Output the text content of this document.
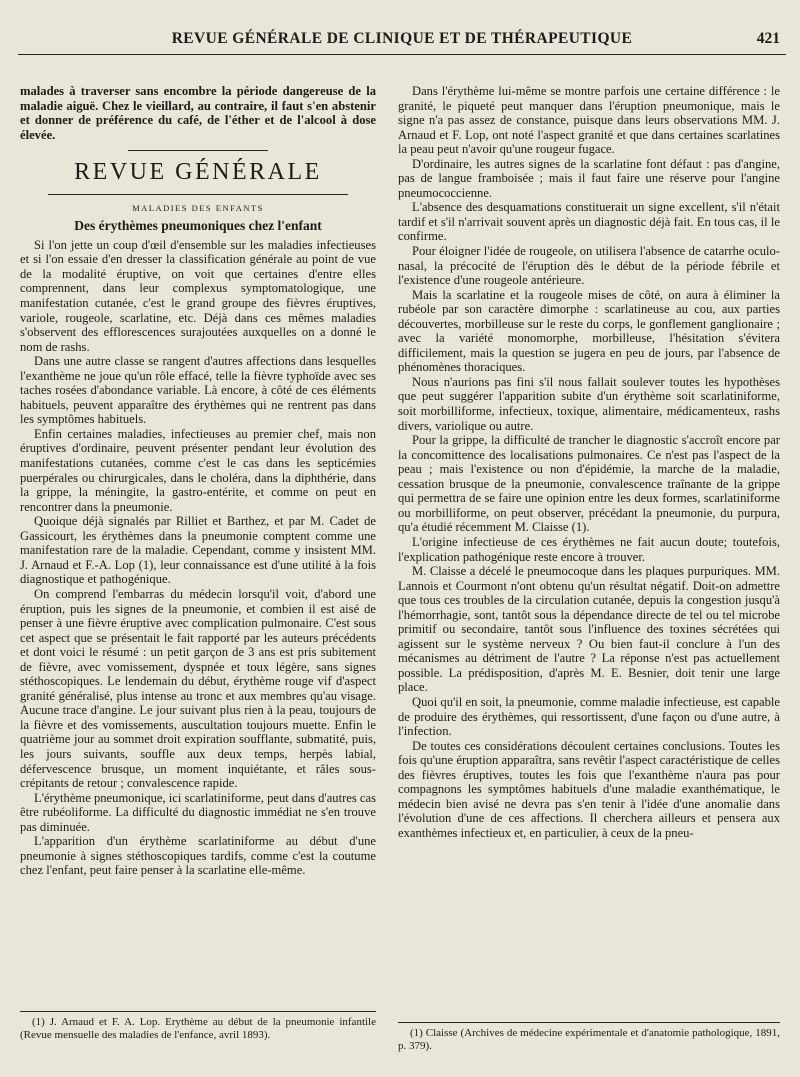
REVUE GÉNÉRALE DE CLINIQUE ET DE THÉRAPEUTIQUE	421

malades à traverser sans encombre la période dangereuse de la maladie aiguë. Chez le vieillard, au contraire, il faut s'en abstenir et donner de préférence du café, de l'éther et de l'alcool à dose élevée.

REVUE GÉNÉRALE
MALADIES DES ENFANTS
Des érythèmes pneumoniques chez l'enfant

Si l'on jette un coup d'œil d'ensemble sur les maladies infectieuses et si l'on essaie d'en dresser la classification générale au point de vue de la modalité éruptive, on voit que certaines d'entre elles comprennent, dans leur complexus symptomatologique, une manifestation cutanée, c'est le grand groupe des fièvres éruptives, variole, rougeole, scarlatine, etc. Déjà dans ces mêmes maladies s'observent des efflorescences surajoutées auxquelles on a donné le nom de rashs.

Dans une autre classe se rangent d'autres affections dans lesquelles l'exanthème ne joue qu'un rôle effacé, telle la fièvre typhoïde avec ses taches rosées d'abondance variable. Là encore, à côté de ces éléments habituels, peuvent apparaître des érythèmes qui ne rentrent pas dans les symptômes habituels.

Enfin certaines maladies, infectieuses au premier chef, mais non éruptives d'ordinaire, peuvent présenter pendant leur évolution des manifestations cutanées, comme c'est le cas dans les septicémies puerpérales ou chirurgicales, dans le choléra, dans la diphthérie, dans la grippe, la méningite, la gastro-entérite, et comme on peut en rencontrer dans la pneumonie.

Quoique déjà signalés par Rilliet et Barthez, et par M. Cadet de Gassicourt, les érythèmes dans la pneumonie comptent comme une manifestation rare de la maladie. Cependant, comme y insistent MM. J. Arnaud et F.-A. Lop (1), leur connaissance est d'une utilité à la fois diagnostique et pathogénique.

On comprend l'embarras du médecin lorsqu'il voit, d'abord une éruption, puis les signes de la pneumonie, et combien il est aisé de penser à une fièvre éruptive avec complication pulmonaire. C'est sous cet aspect que se présentait le fait rapporté par les auteurs précédents et dont voici le résumé : un petit garçon de 3 ans est pris subitement de fièvre, avec vomissement, dyspnée et toux légère, sans signes stéthoscopiques. Le lendemain du début, érythème rouge vif d'aspect granité généralisé, plus intense au tronc et aux membres qu'au visage. Aucune trace d'angine. Le jour suivant plus rien à la peau, toujours de la fièvre et des vomissements, auscultation toujours muette. Enfin le quatrième jour au sommet droit expiration soufflante, submatité, puis, les jours suivants, souffle aux deux temps, herpès labial, défervescence brusque, un moment inquiétante, et râles sous-crépitants de retour ; convalescence rapide.

L'érythème pneumonique, ici scarlatiniforme, peut dans d'autres cas être rubéoliforme. La difficulté du diagnostic immédiat ne s'en trouve pas diminuée.

L'apparition d'un érythème scarlatiniforme au début d'une pneumonie à signes stéthoscopiques tardifs, comme c'est la coutume chez l'enfant, peut faire penser à la scarlatine elle-même.

(1) J. Arnaud et F. A. Lop. Erythème au début de la pneumonie infantile (Revue mensuelle des maladies de l'enfance, avril 1893).

Dans l'érythème lui-même se montre parfois une certaine différence : le granité, le piqueté peut manquer dans l'éruption pneumonique, mais le signe n'a pas assez de constance, puisque dans leurs observations MM. J. Arnaud et F. Lop, ont noté l'aspect granité et que dans certaines scarlatines la peau peut n'avoir qu'une rougeur fugace.

D'ordinaire, les autres signes de la scarlatine font défaut : pas d'angine, pas de langue framboisée ; mais il faut faire une réserve pour l'angine pneumococcienne.

L'absence des desquamations constituerait un signe excellent, s'il n'était tardif et s'il n'arrivait souvent après un diagnostic déjà fait. En tous cas, il le confirme.

Pour éloigner l'idée de rougeole, on utilisera l'absence de catarrhe oculo-nasal, la précocité de l'éruption dès le début de la période fébrile et l'existence d'une rougeole antérieure.

Mais la scarlatine et la rougeole mises de côté, on aura à éliminer la rubéole par son caractère dimorphe : scarlatineuse au cou, aux parties découvertes, morbilleuse sur le reste du corps, le gonflement ganglionaire ; avec la variété monomorphe, morbilleuse, l'hésitation s'évitera difficilement, mais la question se jugera en peu de jours, par l'absence de phénomènes thoraciques.

Nous n'aurions pas fini s'il nous fallait soulever toutes les hypothèses que peut suggérer l'apparition subite d'un érythème soit scarlatiniforme, soit morbilliforme, infectieux, toxique, alimentaire, médicamenteux, rashs divers, variolique ou autre.

Pour la grippe, la difficulté de trancher le diagnostic s'accroît encore par la concomittence des localisations pulmonaires. Ce n'est pas l'aspect de la peau ; mais l'existence ou non d'épidémie, la marche de la maladie, cessation brusque de la pneumonie, convalescence traînante de la grippe qui permettra de se faire une opinion entre les deux formes, scarlatiniforme ou morbilliforme, on peut observer, précédant la pneumonie, du purpura, qu'a étudié récemment M. Claisse (1).

L'origine infectieuse de ces érythèmes ne fait aucun doute; toutefois, l'explication pathogénique reste encore à trouver.

M. Claisse a décelé le pneumocoque dans les plaques purpuriques. MM. Lannois et Courmont n'ont obtenu qu'un résultat négatif. Doit-on admettre que tous ces troubles de la circulation cutanée, depuis la congestion jusqu'à l'hémorrhagie, sont, tantôt sous la dépendance directe de tel ou tel microbe primitif ou secondaire, tantôt sous l'influence des toxines sécrétées qui agissent sur le système nerveux ? Ou bien faut-il conclure à l'un des mécanismes au détriment de l'autre ? La réponse n'est pas actuellement possible. La prédisposition, d'après M. E. Besnier, doit tenir une large place.

Quoi qu'il en soit, la pneumonie, comme maladie infectieuse, est capable de produire des érythèmes, qui ressortissent, d'une façon ou d'une autre, à l'infection.

De toutes ces considérations découlent certaines conclusions. Toutes les fois qu'une éruption apparaîtra, sans revêtir l'aspect caractéristique de celles des fièvres éruptives, toutes les fois que l'exanthème n'aura pas pour compagnons les symptômes habituels d'une maladie exanthématique, le médecin bien avisé ne devra pas s'en tenir à l'idée d'une anomalie dans l'évolution d'une de ces affections. Il cherchera ailleurs et pensera aux exanthèmes infectieux et, en particulier, à ceux de la pneu-

(1) Claisse (Archives de médecine expérimentale et d'anatomie pathologique, 1891, p. 379).
